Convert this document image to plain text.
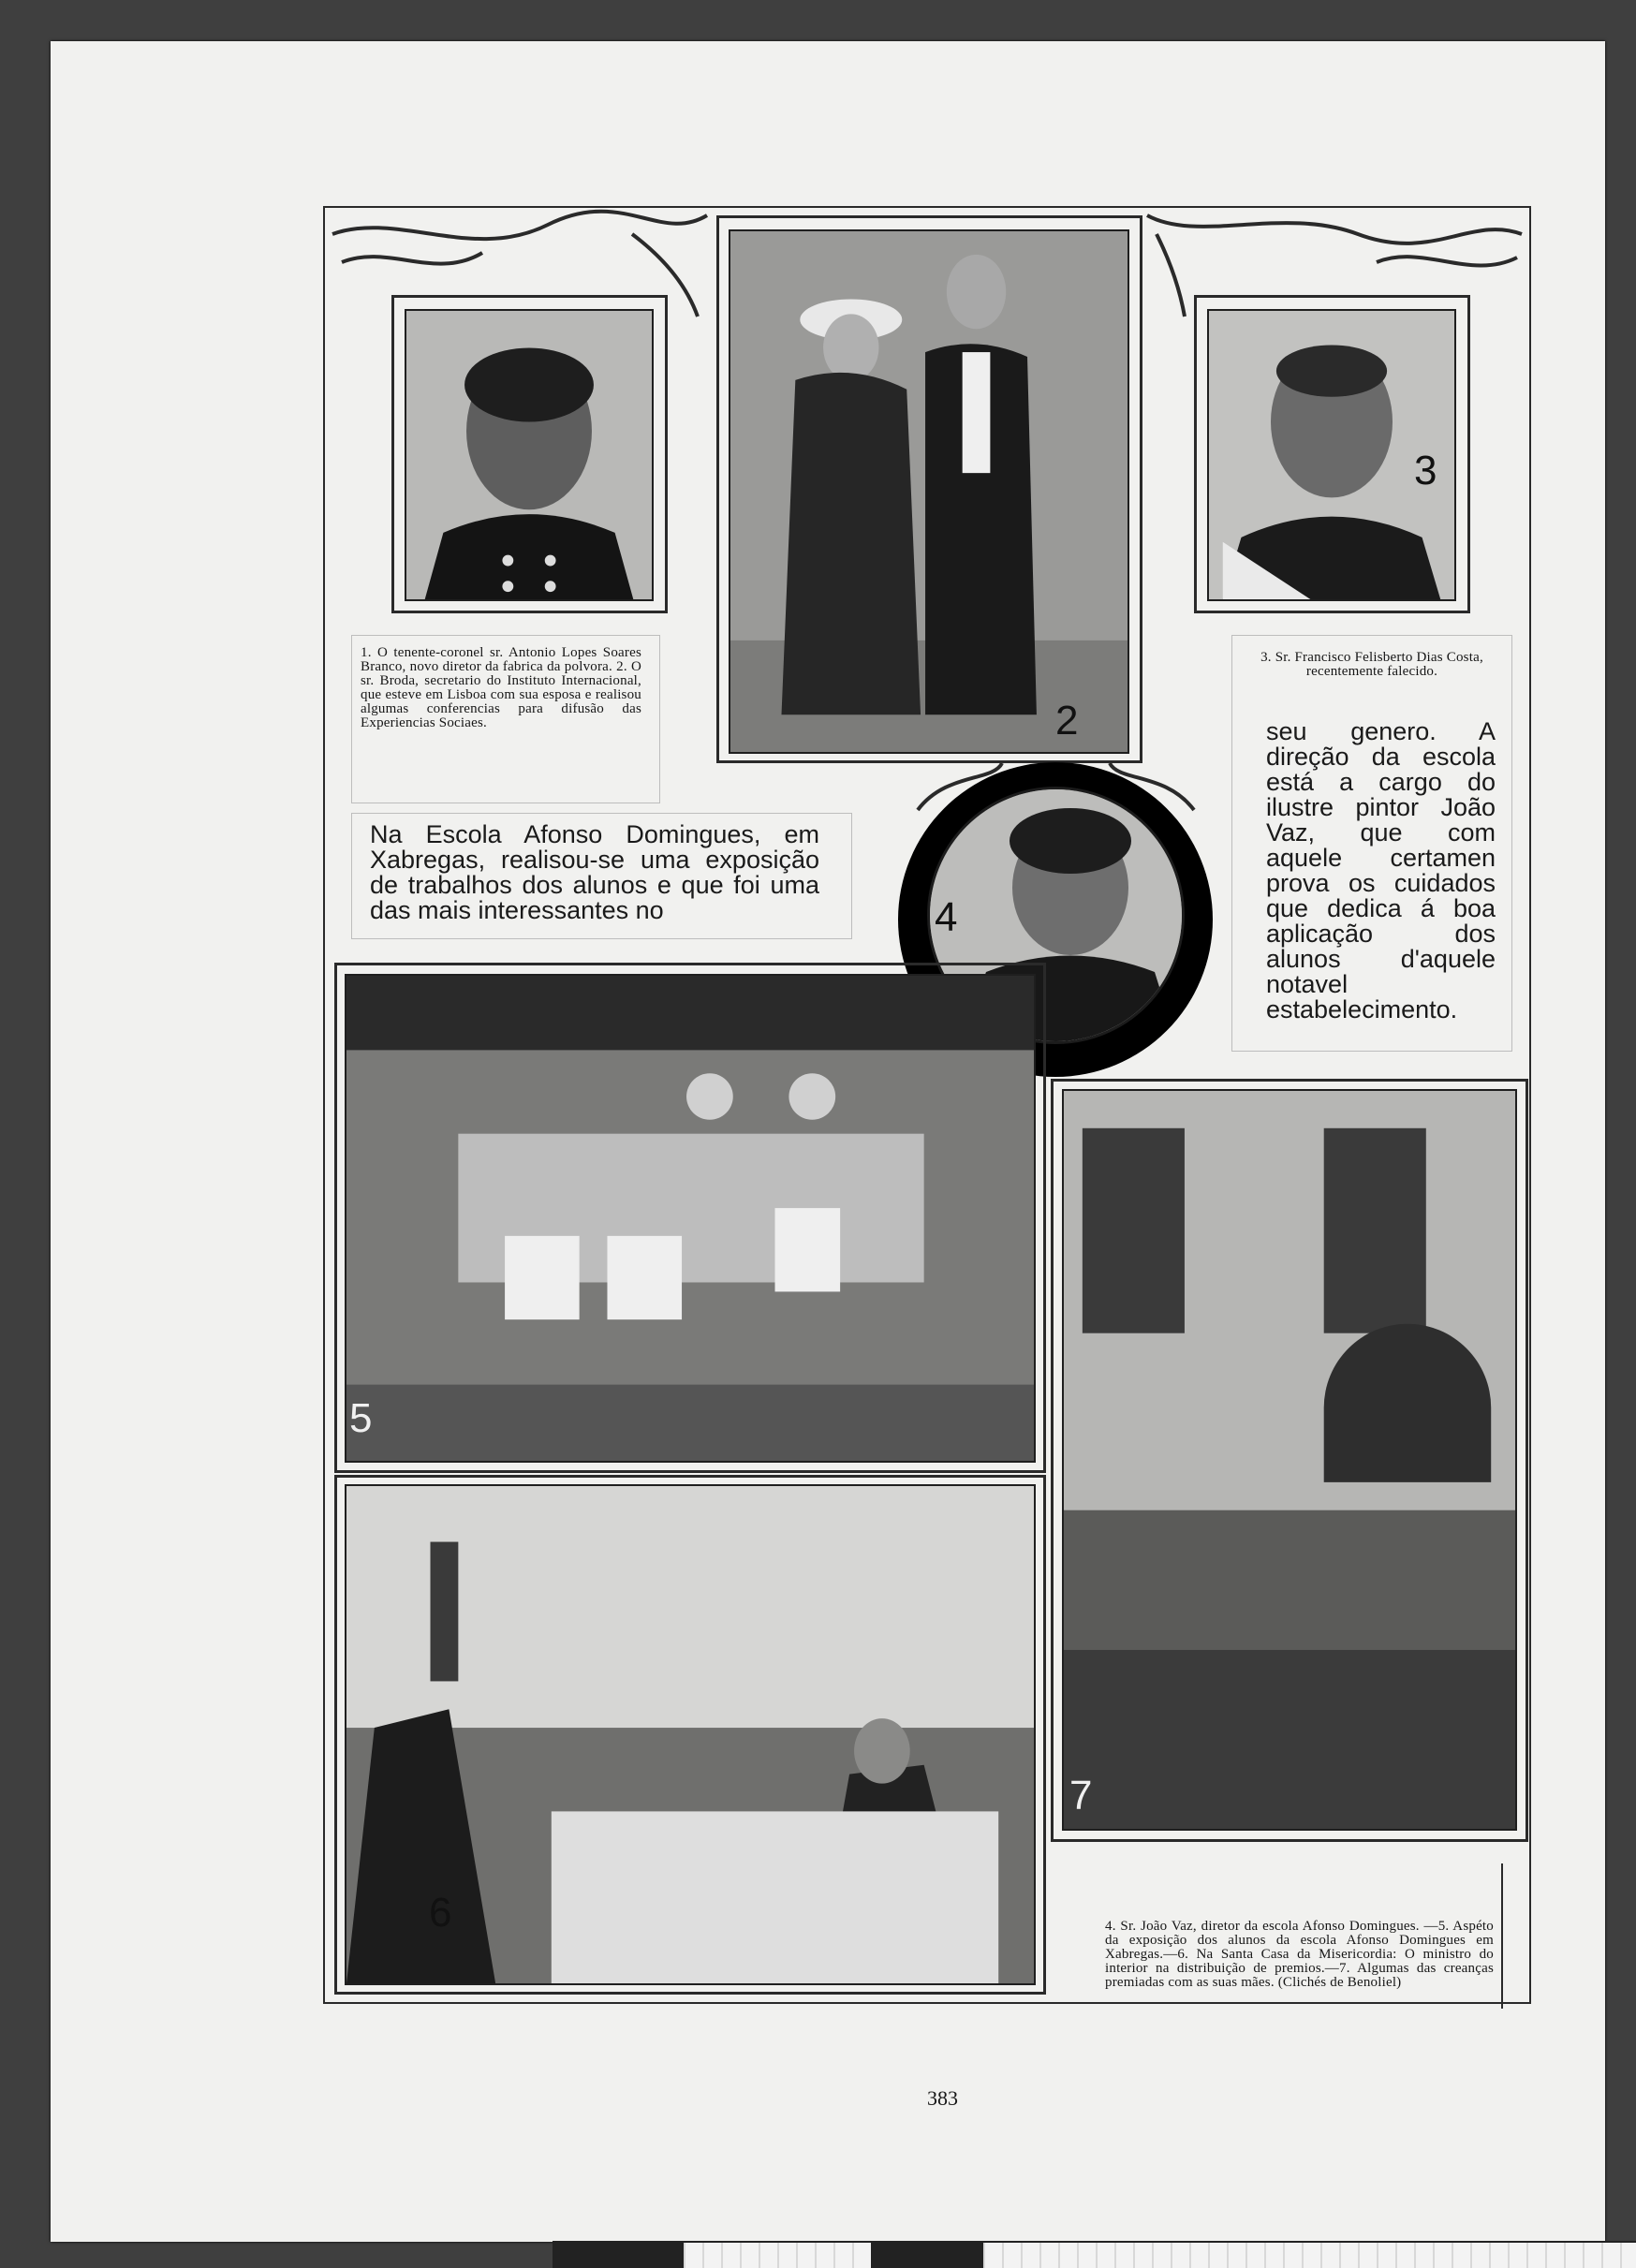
2
3
1. O tenente-coronel sr. Antonio Lopes Soares Branco, novo diretor da fabrica da polvora. 2. O sr. Broda, secretario do Instituto Internacional, que esteve em Lisboa com sua esposa e realisou algumas conferencias para difusão das Experiencias Sociaes.
3. Sr. Francisco Felisberto Dias Costa, recentemente falecido.
Na Escola Afonso Domingues, em Xabregas, realisou-se uma exposição de trabalhos dos alunos e que foi uma das mais interessantes no
seu genero. A direção da escola está a cargo do ilustre pintor João Vaz, que com aquele certamen prova os cuidados que dedica á boa aplicação dos alunos d'aquele notavel estabelecimento.
4
5
6
7
4. Sr. João Vaz, diretor da escola Afonso Domingues. —5. Aspéto da exposição dos alunos da escola Afonso Domingues em Xabregas.—6. Na Santa Casa da Misericordia: O ministro do interior na distribuição de premios.—7. Algumas das creanças premiadas com as suas mães. (Clichés de Benoliel)
383
